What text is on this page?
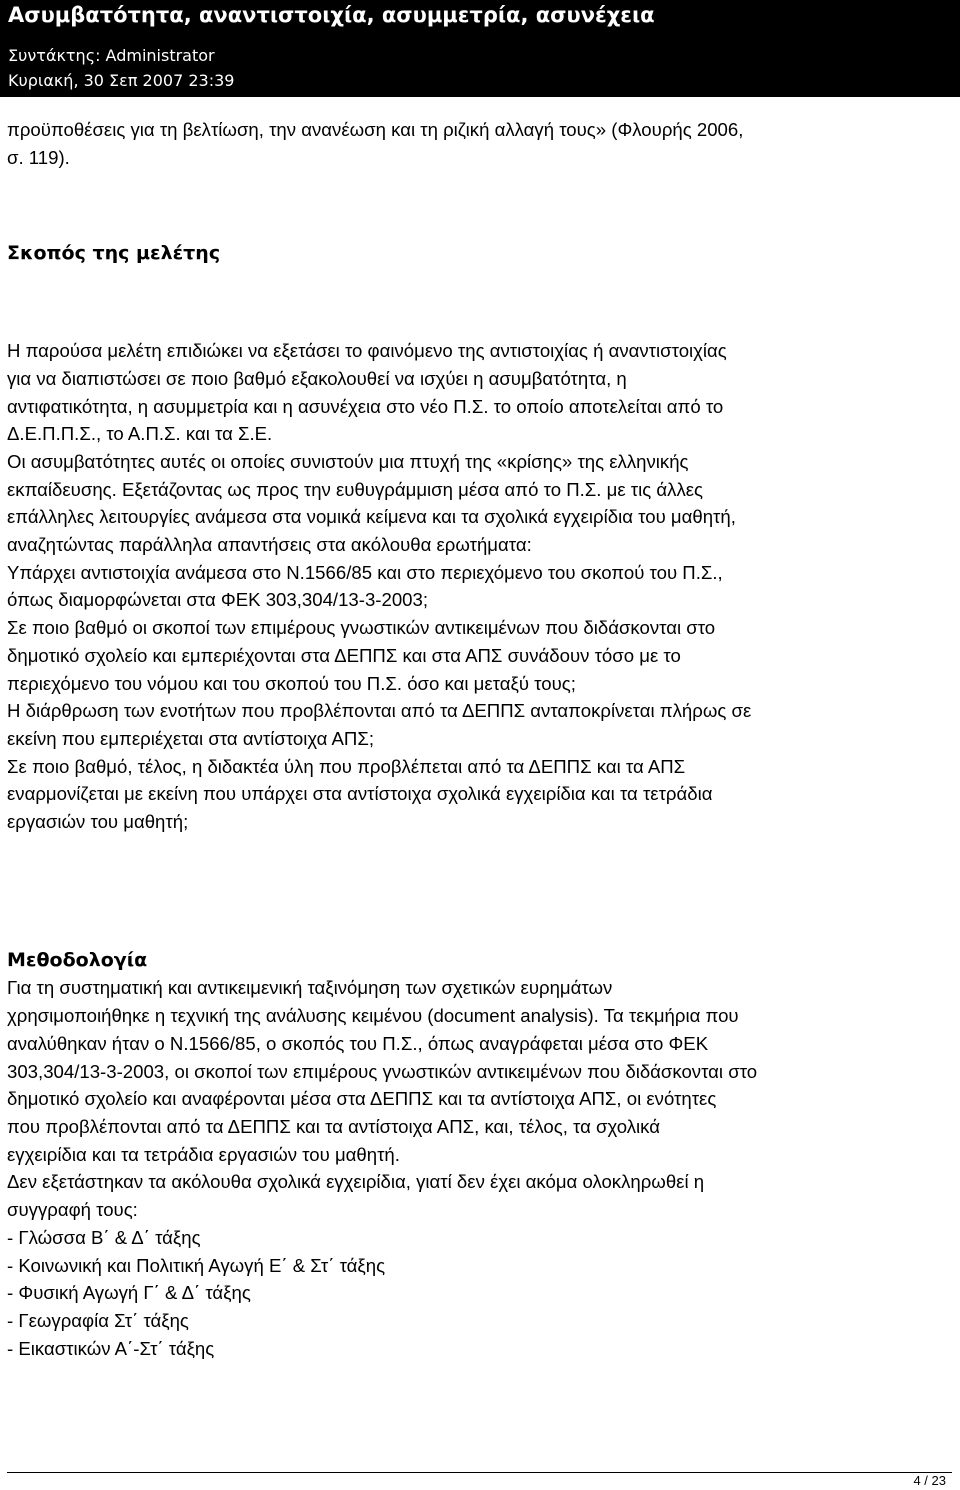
Ασυμβατότητα, αναντιστοιχία, ασυμμετρία, ασυνέχεια
Συντάκτης: Administrator
Κυριακή, 30 Σεπ 2007 23:39

προϋποθέσεις για τη βελτίωση, την ανανέωση και τη ριζική αλλαγή τους» (Φλουρής 2006,

σ. 119).

Σκοπός της μελέτης

Η παρούσα μελέτη επιδιώκει να εξετάσει το φαινόμενο της αντιστοιχίας ή αναντιστοιχίας

για να διαπιστώσει σε ποιο βαθμό εξακολουθεί να ισχύει η ασυμβατότητα, η

αντιφατικότητα, η ασυμμετρία και η ασυνέχεια στο νέο Π.Σ. το οποίο αποτελείται από το

Δ.Ε.Π.Π.Σ., το Α.Π.Σ. και τα Σ.Ε.

Οι ασυμβατότητες αυτές οι οποίες συνιστούν μια πτυχή της «κρίσης» της ελληνικής

εκπαίδευσης. Εξετάζοντας ως προς την ευθυγράμμιση μέσα από το Π.Σ. με τις άλλες

επάλληλες λειτουργίες ανάμεσα στα νομικά κείμενα και τα σχολικά εγχειρίδια του μαθητή,

αναζητώντας παράλληλα απαντήσεις στα ακόλουθα ερωτήματα:

Υπάρχει αντιστοιχία ανάμεσα στο Ν.1566/85 και στο περιεχόμενο του σκοπού του Π.Σ.,

όπως διαμορφώνεται στα ΦΕΚ 303,304/13-3-2003;

Σε ποιο βαθμό οι σκοποί των επιμέρους γνωστικών αντικειμένων που διδάσκονται στο

δημοτικό σχολείο και εμπεριέχονται στα ΔΕΠΠΣ και στα ΑΠΣ συνάδουν τόσο με το

περιεχόμενο του νόμου και του σκοπού του Π.Σ. όσο και μεταξύ τους;

Η διάρθρωση των ενοτήτων που προβλέπονται από τα ΔΕΠΠΣ ανταποκρίνεται πλήρως σε

εκείνη που εμπεριέχεται στα αντίστοιχα ΑΠΣ;

Σε ποιο βαθμό, τέλος, η διδακτέα ύλη που προβλέπεται από τα ΔΕΠΠΣ και τα ΑΠΣ

εναρμονίζεται με εκείνη που υπάρχει στα αντίστοιχα σχολικά εγχειρίδια και τα τετράδια

εργασιών του μαθητή;

Μεθοδολογία

Για τη συστηματική και αντικειμενική ταξινόμηση των σχετικών ευρημάτων

χρησιμοποιήθηκε η τεχνική της ανάλυσης κειμένου (document analysis). Τα τεκμήρια που

αναλύθηκαν ήταν ο Ν.1566/85, ο σκοπός του Π.Σ., όπως αναγράφεται μέσα στο ΦΕΚ

303,304/13-3-2003, οι σκοποί των επιμέρους γνωστικών αντικειμένων που διδάσκονται στο

δημοτικό σχολείο και αναφέρονται μέσα στα ΔΕΠΠΣ και τα αντίστοιχα ΑΠΣ, οι ενότητες

που προβλέπονται από τα ΔΕΠΠΣ και τα αντίστοιχα ΑΠΣ, και, τέλος, τα σχολικά

εγχειρίδια και τα τετράδια εργασιών του μαθητή.

Δεν εξετάστηκαν τα ακόλουθα σχολικά εγχειρίδια, γιατί δεν έχει ακόμα ολοκληρωθεί η

συγγραφή τους:

- Γλώσσα Β΄ & Δ΄ τάξης

- Κοινωνική και Πολιτική Αγωγή Ε΄ & Στ΄ τάξης

- Φυσική Αγωγή Γ΄ & Δ΄ τάξης

- Γεωγραφία Στ΄ τάξης

- Εικαστικών Α΄-Στ΄ τάξης

4 / 23
